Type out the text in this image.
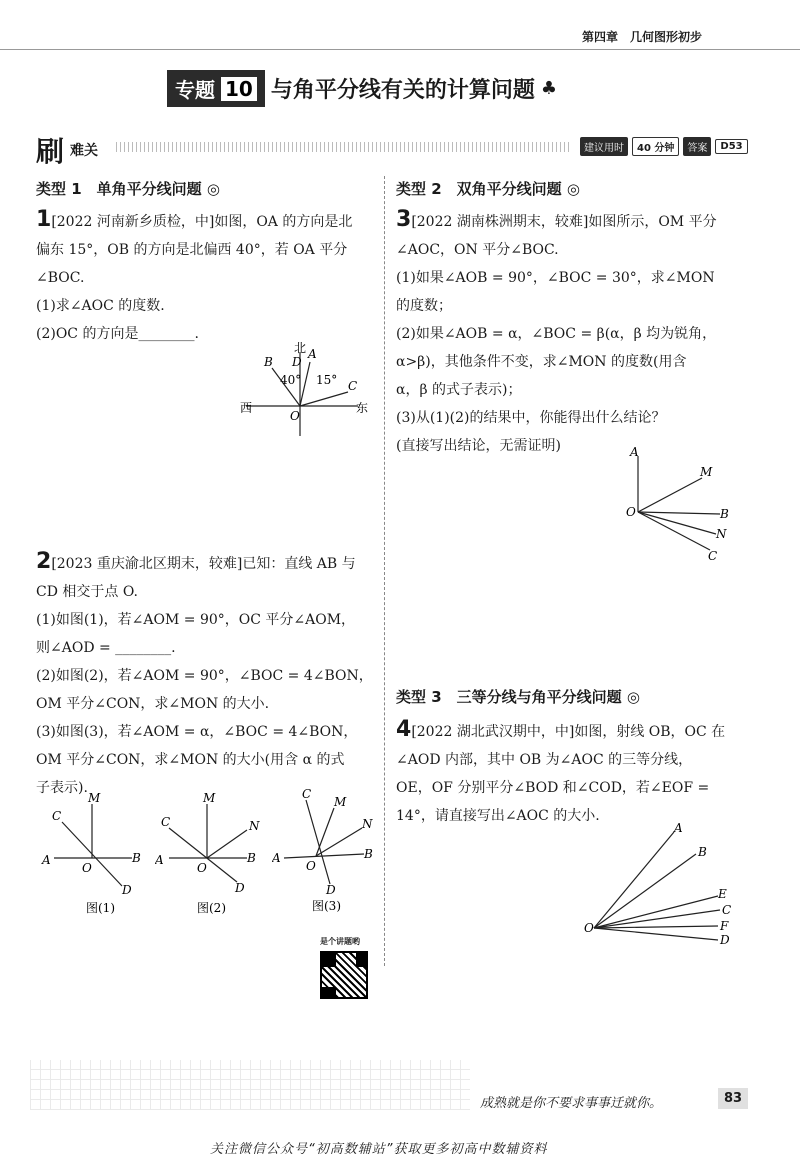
第四章　几何图形初步
专题 10 与角平分线有关的计算问题 ♣
刷 难关	建议用时	40 分钟	答案	D53
类型 1　单角平分线问题 ◎
1[2022 河南新乡质检，中]如图，OA 的方向是北
偏东 15°，OB 的方向是北偏西 40°，若 OA 平分
∠BOC.
(1)求∠AOC 的度数.
(2)OC 的方向是________.
北
西	东
B D
A
C
O
40° 15°
2[2023 重庆渝北区期末，较难]已知：直线 AB 与
CD 相交于点 O.
(1)如图(1)，若∠AOM = 90°，OC 平分∠AOM，
则∠AOD = ________.
(2)如图(2)，若∠AOM = 90°，∠BOC = 4∠BON，
OM 平分∠CON，求∠MON 的大小.
(3)如图(3)，若∠AOM = α，∠BOC = 4∠BON，
OM 平分∠CON，求∠MON 的大小(用含 α 的式
子表示).
M
C
A	B
O
D
图(1)
M
C	N
A	B
O
D
图(2)
C
M
N
A	B
O
D
图(3)
是个讲题哟
类型 2　双角平分线问题 ◎
3[2022 湖南株洲期末，较难]如图所示，OM 平分
∠AOC，ON 平分∠BOC.
(1)如果∠AOB = 90°，∠BOC = 30°，求∠MON
的度数；
(2)如果∠AOB = α，∠BOC = β(α，β 均为锐角，
α>β)，其他条件不变，求∠MON 的度数(用含
α，β 的式子表示)；
(3)从(1)(2)的结果中，你能得出什么结论？
(直接写出结论，无需证明)	A
M
O	B
N
C
类型 3　三等分线与角平分线问题 ◎
4[2022 湖北武汉期中，中]如图，射线 OB，OC 在
∠AOD 内部，其中 OB 为∠AOC 的三等分线，
OE，OF 分别平分∠BOD 和∠COD，若∠EOF =
14°，请直接写出∠AOC 的大小.
A
B
E
C
F
D
O
成熟就是你不要求事事迁就你。	83
关注微信公众号“初高数辅站”获取更多初高中数辅资料
